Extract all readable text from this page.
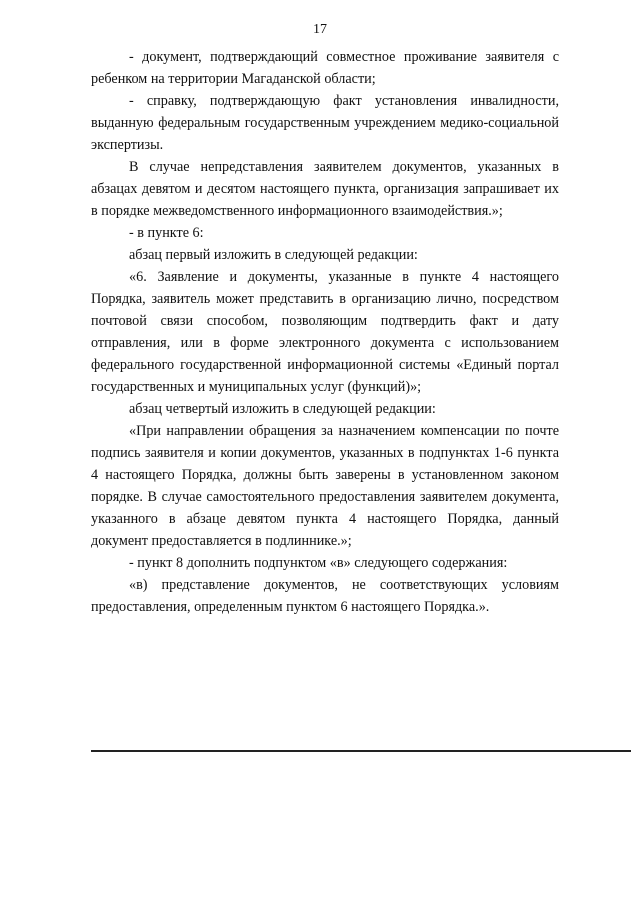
17

- документ, подтверждающий совместное проживание заявителя с ребенком на территории Магаданской области;

- справку, подтверждающую факт установления инвалидности, выданную федеральным государственным учреждением медико-социальной экспертизы.

В случае непредставления заявителем документов, указанных в абзацах девятом и десятом настоящего пункта, организация запрашивает их в порядке межведомственного информационного взаимодействия.»;

- в пункте 6:

абзац первый изложить в следующей редакции:

«6. Заявление и документы, указанные в пункте 4 настоящего Порядка, заявитель может представить в организацию лично, посредством почтовой связи способом, позволяющим подтвердить факт и дату отправления, или в форме электронного документа с использованием федерального государственной информационной системы «Единый портал государственных и муниципальных услуг (функций)»;

абзац четвертый изложить в следующей редакции:

«При направлении обращения за назначением компенсации по почте подпись заявителя и копии документов, указанных в подпунктах 1-6 пункта 4 настоящего Порядка, должны быть заверены в установленном законом порядке. В случае самостоятельного предоставления заявителем документа, указанного в абзаце девятом пункта 4 настоящего Порядка, данный документ предоставляется в подлиннике.»;

- пункт 8 дополнить подпунктом «в» следующего содержания:

«в) представление документов, не соответствующих условиям предоставления, определенным пунктом 6 настоящего Порядка.».
